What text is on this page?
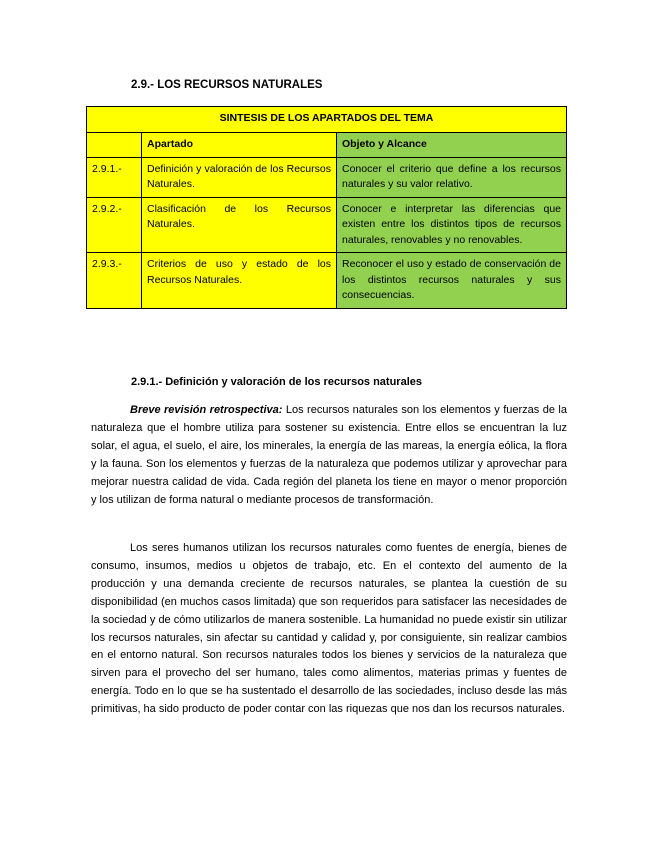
2.9.- LOS RECURSOS NATURALES
SINTESIS DE LOS APARTADOS DEL TEMA		
	Apartado	Objeto y Alcance
2.9.1.-	Definición y valoración de los Recursos Naturales.	Conocer el criterio que define a los recursos naturales y su valor relativo.
2.9.2.-	Clasificación de los Recursos Naturales.	Conocer e interpretar las diferencias que existen entre los distintos tipos de recursos naturales, renovables y no renovables.
2.9.3.-	Criterios de uso y estado de los Recursos Naturales.	Reconocer el uso y estado de conservación de los distintos recursos naturales y sus consecuencias.
2.9.1.- Definición y valoración de los recursos naturales

Breve revisión retrospectiva: Los recursos naturales son los elementos y fuerzas de la naturaleza que el hombre utiliza para sostener su existencia. Entre ellos se encuentran la luz solar, el agua, el suelo, el aire, los minerales, la energía de las mareas, la energía eólica, la flora y la fauna. Son los elementos y fuerzas de la naturaleza que podemos utilizar y aprovechar para mejorar nuestra calidad de vida. Cada región del planeta los tiene en mayor o menor proporción y los utilizan de forma natural o mediante procesos de transformación.

Los seres humanos utilizan los recursos naturales como fuentes de energía, bienes de consumo, insumos, medios u objetos de trabajo, etc. En el contexto del aumento de la producción y una demanda creciente de recursos naturales, se plantea la cuestión de su disponibilidad (en muchos casos limitada) que son requeridos para satisfacer las necesidades de la sociedad y de cómo utilizarlos de manera sostenible. La humanidad no puede existir sin utilizar los recursos naturales, sin afectar su cantidad y calidad y, por consiguiente, sin realizar cambios en el entorno natural. Son recursos naturales todos los bienes y servicios de la naturaleza que sirven para el provecho del ser humano, tales como alimentos, materias primas y fuentes de energía. Todo en lo que se ha sustentado el desarrollo de las sociedades, incluso desde las más primitivas, ha sido producto de poder contar con las riquezas que nos dan los recursos naturales.
